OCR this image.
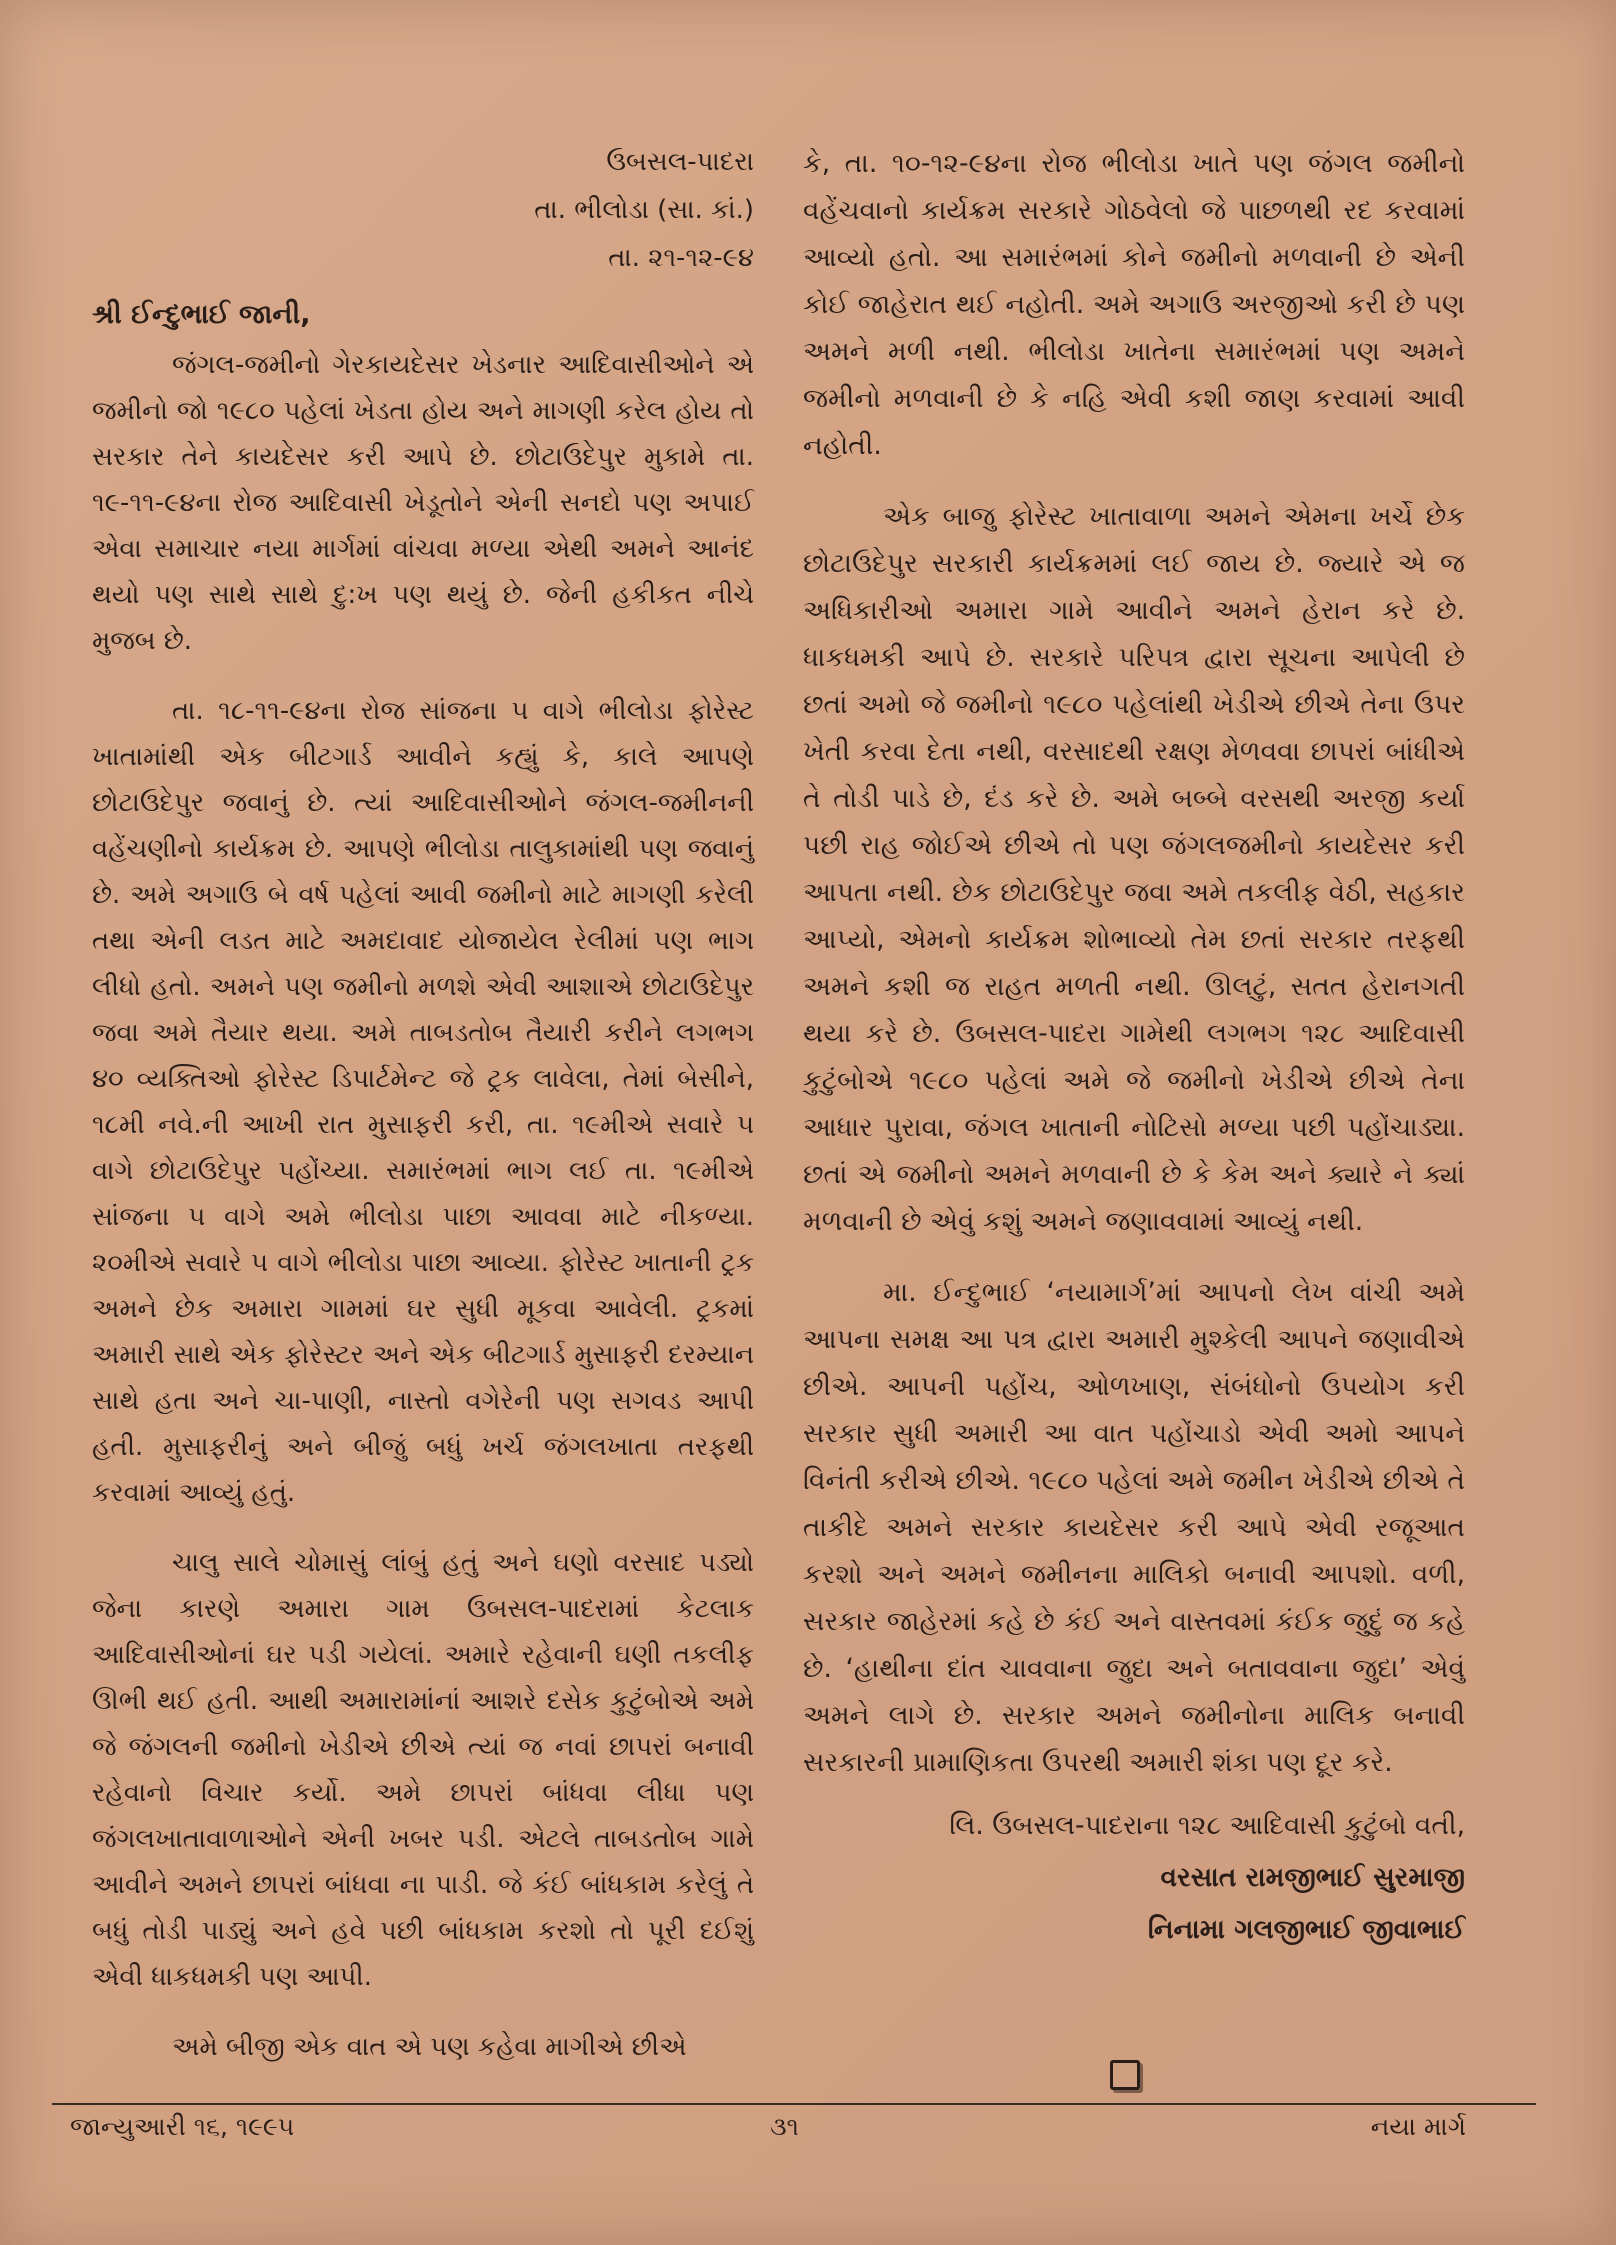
ઉબસલ-પાદરા
તા. ભીલોડા (સા. કાં.)
તા. ૨૧-૧૨-૯૪
શ્રી ઈન્દુભાઈ જાની,

જંગલ-જમીનો ગેરકાયદેસર ખેડનાર આદિવાસીઓને એ જમીનો જો ૧૯૮૦ પહેલાં ખેડતા હોય અને માગણી કરેલ હોય તો સરકાર તેને કાયદેસર કરી આપે છે. છોટાઉદેપુર મુકામે તા. ૧૯-૧૧-૯૪ના રોજ આદિવાસી ખેડૂતોને એની સનદો પણ અપાઈ એવા સમાચાર નયા માર્ગમાં વાંચવા મળ્યા એથી અમને આનંદ થયો પણ સાથે સાથે દુ:ખ પણ થયું છે. જેની હકીકત નીચે મુજબ છે.

તા. ૧૮-૧૧-૯૪ના રોજ સાંજના ૫ વાગે ભીલોડા ફોરેસ્ટ ખાતામાંથી એક બીટગાર્ડ આવીને કહ્યું કે, કાલે આપણે છોટાઉદેપુર જવાનું છે. ત્યાં આદિવાસીઓને જંગલ-જમીનની વહેંચણીનો કાર્યક્રમ છે. આપણે ભીલોડા તાલુકામાંથી પણ જવાનું છે. અમે અગાઉ બે વર્ષ પહેલાં આવી જમીનો માટે માગણી કરેલી તથા એની લડત માટે અમદાવાદ યોજાયેલ રેલીમાં પણ ભાગ લીધો હતો. અમને પણ જમીનો મળશે એવી આશાએ છોટાઉદેપુર જવા અમે તૈયાર થયા. અમે તાબડતોબ તૈયારી કરીને લગભગ ૪૦ વ્યક્તિઓ ફોરેસ્ટ ડિપાર્ટમેન્ટ જે ટ્રક લાવેલા, તેમાં બેસીને, ૧૮મી નવે.ની આખી રાત મુસાફરી કરી, તા. ૧૯મીએ સવારે ૫ વાગે છોટાઉદેપુર પહોંચ્યા. સમારંભમાં ભાગ લઈ તા. ૧૯મીએ સાંજના ૫ વાગે અમે ભીલોડા પાછા આવવા માટે નીકળ્યા. ૨૦મીએ સવારે ૫ વાગે ભીલોડા પાછા આવ્યા. ફોરેસ્ટ ખાતાની ટ્રક અમને છેક અમારા ગામમાં ઘર સુધી મૂકવા આવેલી. ટ્રકમાં અમારી સાથે એક ફોરેસ્ટર અને એક બીટગાર્ડ મુસાફરી દરમ્યાન સાથે હતા અને ચા-પાણી, નાસ્તો વગેરેની પણ સગવડ આપી હતી. મુસાફરીનું અને બીજું બધું ખર્ચ જંગલખાતા તરફથી કરવામાં આવ્યું હતું.

ચાલુ સાલે ચોમાસું લાંબું હતું અને ઘણો વરસાદ પડ્યો જેના કારણે અમારા ગામ ઉબસલ-પાદરામાં કેટલાક આદિવાસીઓનાં ઘર પડી ગયેલાં. અમારે રહેવાની ઘણી તકલીફ ઊભી થઈ હતી. આથી અમારામાંનાં આશરે દસેક કુટુંબોએ અમે જે જંગલની જમીનો ખેડીએ છીએ ત્યાં જ નવાં છાપરાં બનાવી રહેવાનો વિચાર કર્યો. અમે છાપરાં બાંધવા લીધા પણ જંગલખાતાવાળાઓને એની ખબર પડી. એટલે તાબડતોબ ગામે આવીને અમને છાપરાં બાંધવા ના પાડી. જે કંઈ બાંધકામ કરેલું તે બધું તોડી પાડ્યું અને હવે પછી બાંધકામ કરશો તો પૂરી દઈશું એવી ધાકધમકી પણ આપી.

અમે બીજી એક વાત એ પણ કહેવા માગીએ છીએ

કે, તા. ૧૦-૧૨-૯૪ના રોજ ભીલોડા ખાતે પણ જંગલ જમીનો વહેંચવાનો કાર્યક્રમ સરકારે ગોઠવેલો જે પાછળથી રદ કરવામાં આવ્યો હતો. આ સમારંભમાં કોને જમીનો મળવાની છે એની કોઈ જાહેરાત થઈ નહોતી. અમે અગાઉ અરજીઓ કરી છે પણ અમને મળી નથી. ભીલોડા ખાતેના સમારંભમાં પણ અમને જમીનો મળવાની છે કે નહિ એવી કશી જાણ કરવામાં આવી નહોતી.

એક બાજુ ફોરેસ્ટ ખાતાવાળા અમને એમના ખર્ચે છેક છોટાઉદેપુર સરકારી કાર્યક્રમમાં લઈ જાય છે. જ્યારે એ જ અધિકારીઓ અમારા ગામે આવીને અમને હેરાન કરે છે. ધાકધમકી આપે છે. સરકારે પરિપત્ર દ્વારા સૂચના આપેલી છે છતાં અમો જે જમીનો ૧૯૮૦ પહેલાંથી ખેડીએ છીએ તેના ઉપર ખેતી કરવા દેતા નથી, વરસાદથી રક્ષણ મેળવવા છાપરાં બાંધીએ તે તોડી પાડે છે, દંડ કરે છે. અમે બબ્બે વરસથી અરજી કર્યા પછી રાહ જોઈએ છીએ તો પણ જંગલજમીનો કાયદેસર કરી આપતા નથી. છેક છોટાઉદેપુર જવા અમે તકલીફ વેઠી, સહકાર આપ્યો, એમનો કાર્યક્રમ શોભાવ્યો તેમ છતાં સરકાર તરફથી અમને કશી જ રાહત મળતી નથી. ઊલટું, સતત હેરાનગતી થયા કરે છે. ઉબસલ-પાદરા ગામેથી લગભગ ૧૨૮ આદિવાસી કુટુંબોએ ૧૯૮૦ પહેલાં અમે જે જમીનો ખેડીએ છીએ તેના આધાર પુરાવા, જંગલ ખાતાની નોટિસો મળ્યા પછી પહોંચાડ્યા. છતાં એ જમીનો અમને મળવાની છે કે કેમ અને ક્યારે ને ક્યાં મળવાની છે એવું કશું અમને જણાવવામાં આવ્યું નથી.

મા. ઈન્દુભાઈ ‘નયામાર્ગ’માં આપનો લેખ વાંચી અમે આપના સમક્ષ આ પત્ર દ્વારા અમારી મુશ્કેલી આપને જણાવીએ છીએ. આપની પહોંચ, ઓળખાણ, સંબંધોનો ઉપયોગ કરી સરકાર સુધી અમારી આ વાત પહોંચાડો એવી અમો આપને વિનંતી કરીએ છીએ. ૧૯૮૦ પહેલાં અમે જમીન ખેડીએ છીએ તે તાકીદે અમને સરકાર કાયદેસર કરી આપે એવી રજૂઆત કરશો અને અમને જમીનના માલિકો બનાવી આપશો. વળી, સરકાર જાહેરમાં કહે છે કંઈ અને વાસ્તવમાં કંઈક જુદું જ કહે છે. ‘હાથીના દાંત ચાવવાના જુદા અને બતાવવાના જુદા’ એવું અમને લાગે છે. સરકાર અમને જમીનોના માલિક બનાવી સરકારની પ્રામાણિકતા ઉપરથી અમારી શંકા પણ દૂર કરે.

લિ. ઉબસલ-પાદરાના ૧૨૮ આદિવાસી કુટુંબો વતી,
વરસાત રામજીભાઈ સુરમાજી
નિનામા ગલજીભાઈ જીવાભાઈ
જાન્યુઆરી ૧૬, ૧૯૯૫	૩૧	નયા માર્ગ
